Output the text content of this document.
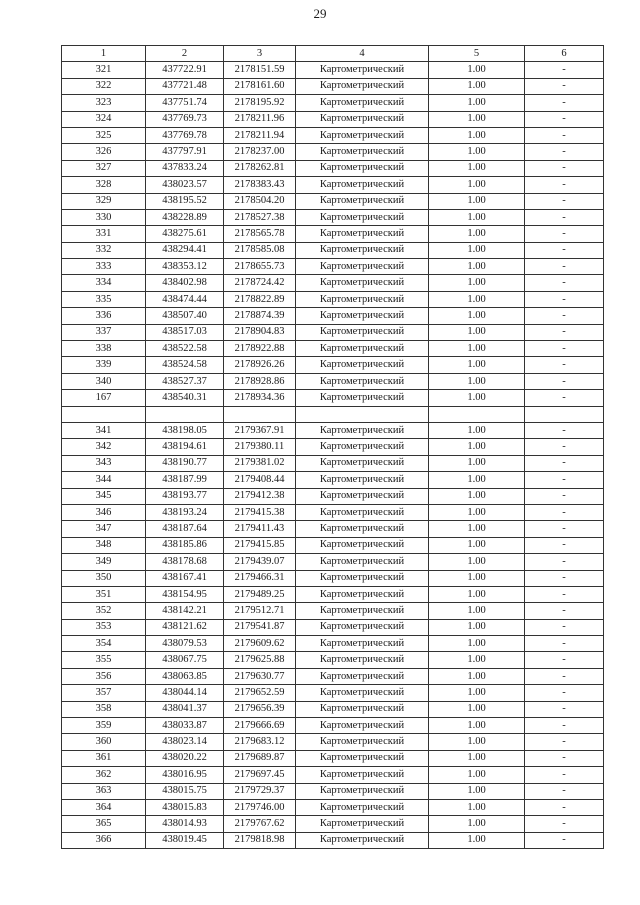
29
1	2	3	4	5	6
321	437722.91	2178151.59	Картометрический	1.00	-
322	437721.48	2178161.60	Картометрический	1.00	-
323	437751.74	2178195.92	Картометрический	1.00	-
324	437769.73	2178211.96	Картометрический	1.00	-
325	437769.78	2178211.94	Картометрический	1.00	-
326	437797.91	2178237.00	Картометрический	1.00	-
327	437833.24	2178262.81	Картометрический	1.00	-
328	438023.57	2178383.43	Картометрический	1.00	-
329	438195.52	2178504.20	Картометрический	1.00	-
330	438228.89	2178527.38	Картометрический	1.00	-
331	438275.61	2178565.78	Картометрический	1.00	-
332	438294.41	2178585.08	Картометрический	1.00	-
333	438353.12	2178655.73	Картометрический	1.00	-
334	438402.98	2178724.42	Картометрический	1.00	-
335	438474.44	2178822.89	Картометрический	1.00	-
336	438507.40	2178874.39	Картометрический	1.00	-
337	438517.03	2178904.83	Картометрический	1.00	-
338	438522.58	2178922.88	Картометрический	1.00	-
339	438524.58	2178926.26	Картометрический	1.00	-
340	438527.37	2178928.86	Картометрический	1.00	-
167	438540.31	2178934.36	Картометрический	1.00	-

341	438198.05	2179367.91	Картометрический	1.00	-
342	438194.61	2179380.11	Картометрический	1.00	-
343	438190.77	2179381.02	Картометрический	1.00	-
344	438187.99	2179408.44	Картометрический	1.00	-
345	438193.77	2179412.38	Картометрический	1.00	-
346	438193.24	2179415.38	Картометрический	1.00	-
347	438187.64	2179411.43	Картометрический	1.00	-
348	438185.86	2179415.85	Картометрический	1.00	-
349	438178.68	2179439.07	Картометрический	1.00	-
350	438167.41	2179466.31	Картометрический	1.00	-
351	438154.95	2179489.25	Картометрический	1.00	-
352	438142.21	2179512.71	Картометрический	1.00	-
353	438121.62	2179541.87	Картометрический	1.00	-
354	438079.53	2179609.62	Картометрический	1.00	-
355	438067.75	2179625.88	Картометрический	1.00	-
356	438063.85	2179630.77	Картометрический	1.00	-
357	438044.14	2179652.59	Картометрический	1.00	-
358	438041.37	2179656.39	Картометрический	1.00	-
359	438033.87	2179666.69	Картометрический	1.00	-
360	438023.14	2179683.12	Картометрический	1.00	-
361	438020.22	2179689.87	Картометрический	1.00	-
362	438016.95	2179697.45	Картометрический	1.00	-
363	438015.75	2179729.37	Картометрический	1.00	-
364	438015.83	2179746.00	Картометрический	1.00	-
365	438014.93	2179767.62	Картометрический	1.00	-
366	438019.45	2179818.98	Картометрический	1.00	-
